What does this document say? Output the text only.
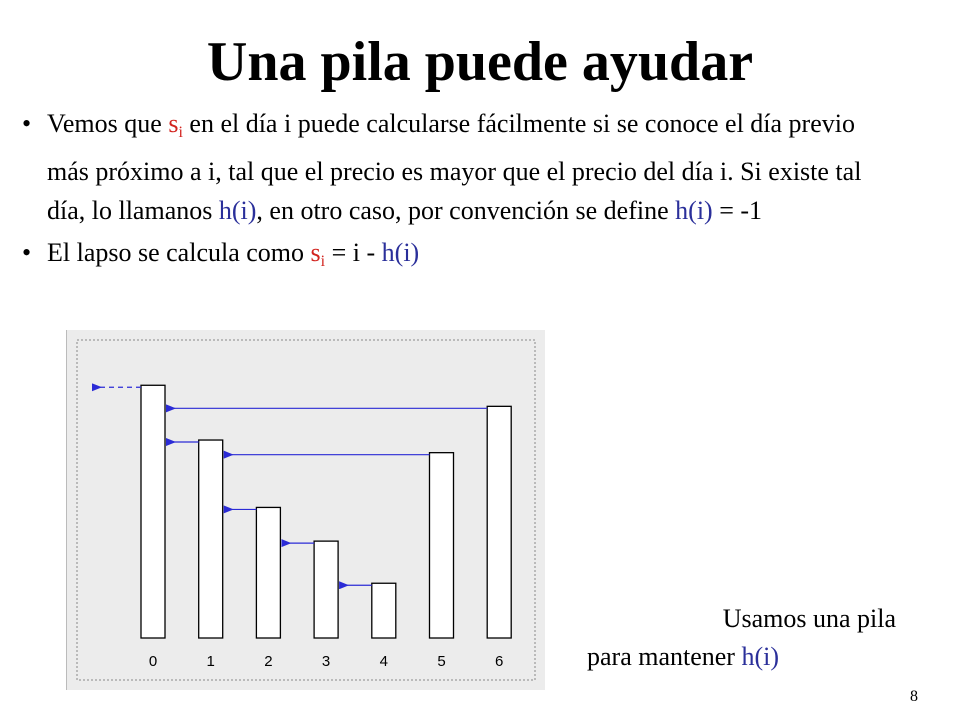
Una pila puede ayudar
• Vemos que $s_i$ en el día i puede calcularse fácilmente si se conoce el día previo más próximo a i, tal que el precio es mayor que el precio del día i. Si existe tal día, lo llamanos h(i), en otro caso, por convención se define h(i) = -1
• El lapso se calcula como $s_i = i - h(i)$
0	1	2	3	4	5	6
Usamos una pila
para mantener h(i)
8
